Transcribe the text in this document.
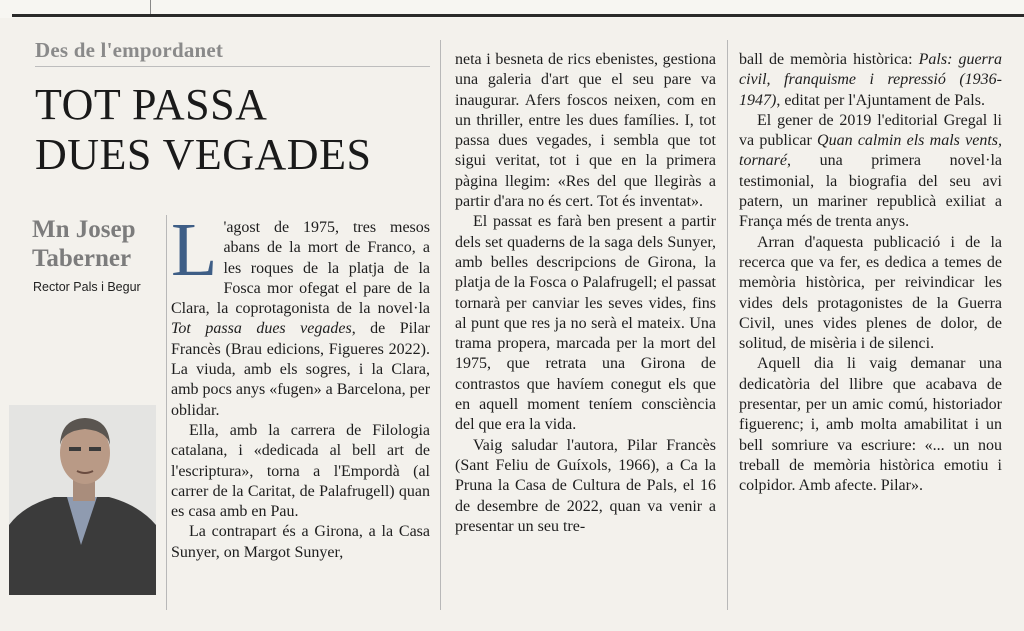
Des de l'empordanet
TOT PASSA
DUES VEGADES
Mn Josep
Taberner
Rector Pals i Begur L 'agost de 1975, tres mesos abans de la mort de Franco, a les roques de la platja de la Fosca mor ofegat el pare de la Clara, la coprotagonista de la novel·la Tot passa dues vegades, de Pilar Francès (Brau edicions, Figueres 2022). La viuda, amb els sogres, i la Clara, amb pocs anys «fugen» a Barcelona, per oblidar.

Ella, amb la carrera de Filologia catalana, i «dedicada al bell art de l'escriptura», torna a l'Empordà (al carrer de la Caritat, de Palafrugell) quan es casa amb en Pau.

La contrapart és a Girona, a la Casa Sunyer, on Margot Sunyer,

neta i besneta de rics ebenistes, gestiona una galeria d'art que el seu pare va inaugurar. Afers foscos neixen, com en un thriller, entre les dues famílies. I, tot passa dues vegades, i sembla que tot sigui veritat, tot i que en la primera pàgina llegim: «Res del que llegiràs a partir d'ara no és cert. Tot és inventat».

El passat es farà ben present a partir dels set quaderns de la saga dels Sunyer, amb belles descripcions de Girona, la platja de la Fosca o Palafrugell; el passat tornarà per canviar les seves vides, fins al punt que res ja no serà el mateix. Una trama propera, marcada per la mort del 1975, que retrata una Girona de contrastos que havíem conegut els que en aquell moment teníem consciència del que era la vida.

Vaig saludar l'autora, Pilar Francès (Sant Feliu de Guíxols, 1966), a Ca la Pruna la Casa de Cultura de Pals, el 16 de desembre de 2022, quan va venir a presentar un seu tre-

ball de memòria històrica: Pals: guerra civil, franquisme i repressió (1936-1947), editat per l'Ajuntament de Pals.

El gener de 2019 l'editorial Gregal li va publicar Quan calmin els mals vents, tornaré, una primera novel·la testimonial, la biografia del seu avi patern, un mariner republicà exiliat a França més de trenta anys.

Arran d'aquesta publicació i de la recerca que va fer, es dedica a temes de memòria històrica, per reivindicar les vides dels protagonistes de la Guerra Civil, unes vides plenes de dolor, de solitud, de misèria i de silenci.

Aquell dia li vaig demanar una dedicatòria del llibre que acabava de presentar, per un amic comú, historiador figuerenc; i, amb molta amabilitat i un bell somriure va escriure: «... un nou treball de memòria històrica emotiu i colpidor. Amb afecte. Pilar».
